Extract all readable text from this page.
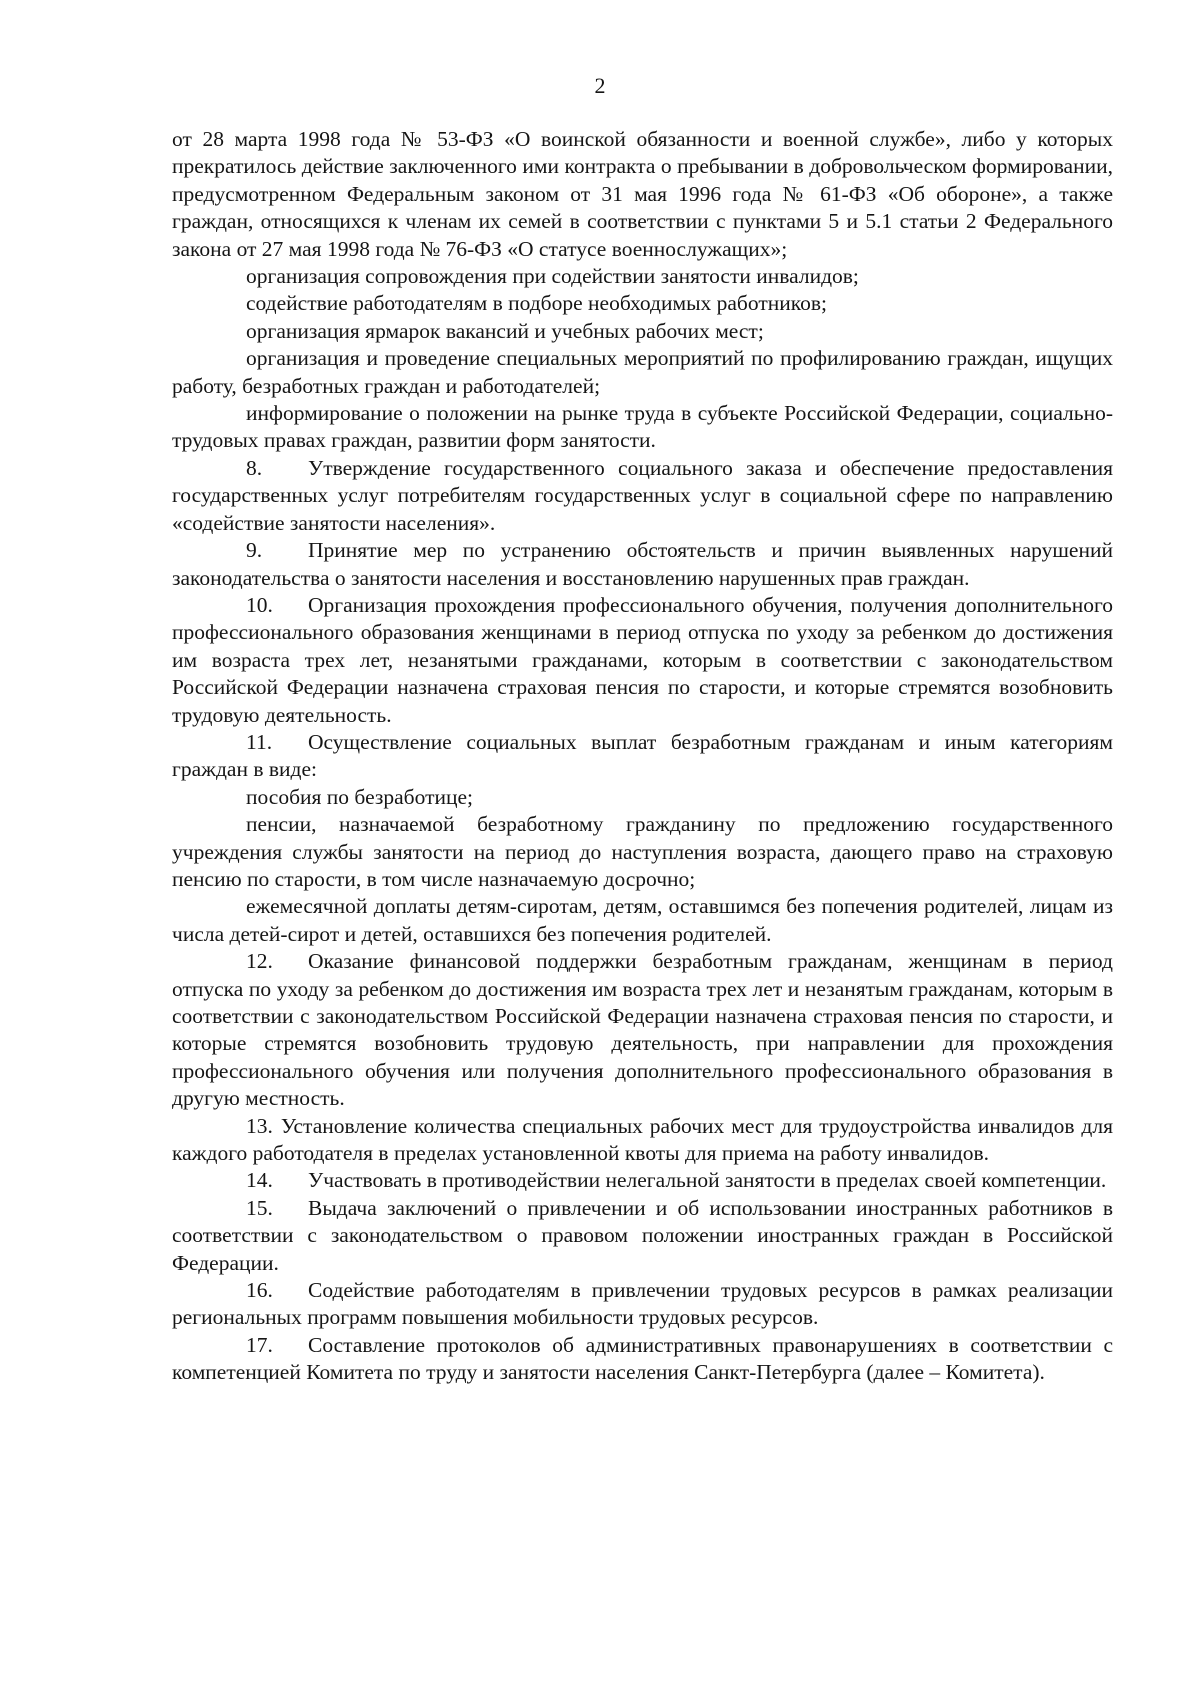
2

от 28 марта 1998 года № 53-ФЗ «О воинской обязанности и военной службе», либо у которых прекратилось действие заключенного ими контракта о пребывании в добровольческом формировании, предусмотренном Федеральным законом от 31 мая 1996 года № 61-ФЗ «Об обороне», а также граждан, относящихся к членам их семей в соответствии с пунктами 5 и 5.1 статьи 2 Федерального закона от 27 мая 1998 года № 76-ФЗ «О статусе военнослужащих»;

организация сопровождения при содействии занятости инвалидов;

содействие работодателям в подборе необходимых работников;

организация ярмарок вакансий и учебных рабочих мест;

организация и проведение специальных мероприятий по профилированию граждан, ищущих работу, безработных граждан и работодателей;

информирование о положении на рынке труда в субъекте Российской Федерации, социально-трудовых правах граждан, развитии форм занятости.

8. Утверждение государственного социального заказа и обеспечение предоставления государственных услуг потребителям государственных услуг в социальной сфере по направлению «содействие занятости населения».

9. Принятие мер по устранению обстоятельств и причин выявленных нарушений законодательства о занятости населения и восстановлению нарушенных прав граждан.

10. Организация прохождения профессионального обучения, получения дополнительного профессионального образования женщинами в период отпуска по уходу за ребенком до достижения им возраста трех лет, незанятыми гражданами, которым в соответствии с законодательством Российской Федерации назначена страховая пенсия по старости, и которые стремятся возобновить трудовую деятельность.

11. Осуществление социальных выплат безработным гражданам и иным категориям граждан в виде:

пособия по безработице;

пенсии, назначаемой безработному гражданину по предложению государственного учреждения службы занятости на период до наступления возраста, дающего право на страховую пенсию по старости, в том числе назначаемую досрочно;

ежемесячной доплаты детям-сиротам, детям, оставшимся без попечения родителей, лицам из числа детей-сирот и детей, оставшихся без попечения родителей.

12. Оказание финансовой поддержки безработным гражданам, женщинам в период отпуска по уходу за ребенком до достижения им возраста трех лет и незанятым гражданам, которым в соответствии с законодательством Российской Федерации назначена страховая пенсия по старости, и которые стремятся возобновить трудовую деятельность, при направлении для прохождения профессионального обучения или получения дополнительного профессионального образования в другую местность.

13. Установление количества специальных рабочих мест для трудоустройства инвалидов для каждого работодателя в пределах установленной квоты для приема на работу инвалидов.

14. Участвовать в противодействии нелегальной занятости в пределах своей компетенции.

15. Выдача заключений о привлечении и об использовании иностранных работников в соответствии с законодательством о правовом положении иностранных граждан в Российской Федерации.

16. Содействие работодателям в привлечении трудовых ресурсов в рамках реализации региональных программ повышения мобильности трудовых ресурсов.

17. Составление протоколов об административных правонарушениях в соответствии с компетенцией Комитета по труду и занятости населения Санкт-Петербурга (далее – Комитета).
